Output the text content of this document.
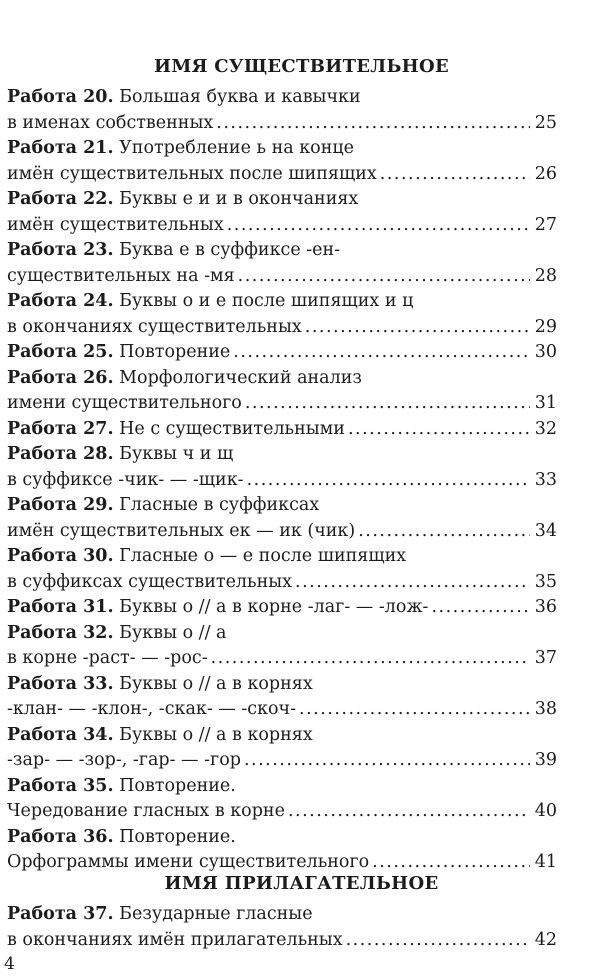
ИМЯ СУЩЕСТВИТЕЛЬНОЕ
Работа 20. Большая буква и кавычки
в именах собственных .....	25
Работа 21. Употребление ь на конце
имён существительных после шипящих .....	26
Работа 22. Буквы е и и в окончаниях
имён существительных .....	27
Работа 23. Буква е в суффиксе -ен-
существительных на -мя .....	28
Работа 24. Буквы о и е после шипящих и ц
в окончаниях существительных .....	29
Работа 25. Повторение .....	30
Работа 26. Морфологический анализ
имени существительного .....	31
Работа 27. Не с существительными .....	32
Работа 28. Буквы ч и щ
в суффиксе -чик- — -щик- .....	33
Работа 29. Гласные в суффиксах
имён существительных ек — ик (чик) .....	34
Работа 30. Гласные о — е после шипящих
в суффиксах существительных .....	35
Работа 31. Буквы о // а в корне -лаг- — -лож- .....	36
Работа 32. Буквы о // а
в корне -раст- — -рос- .....	37
Работа 33. Буквы о // а в корнях
-клан- — -клон-, -скак- — -скоч- .....	38
Работа 34. Буквы о // а в корнях
-зар- — -зор-, -гар- — -гор .....	39
Работа 35. Повторение.
Чередование гласных в корне .....	40
Работа 36. Повторение.
Орфограммы имени существительного .....	41
ИМЯ ПРИЛАГАТЕЛЬНОЕ
Работа 37. Безударные гласные
в окончаниях имён прилагательных .....	42
4
